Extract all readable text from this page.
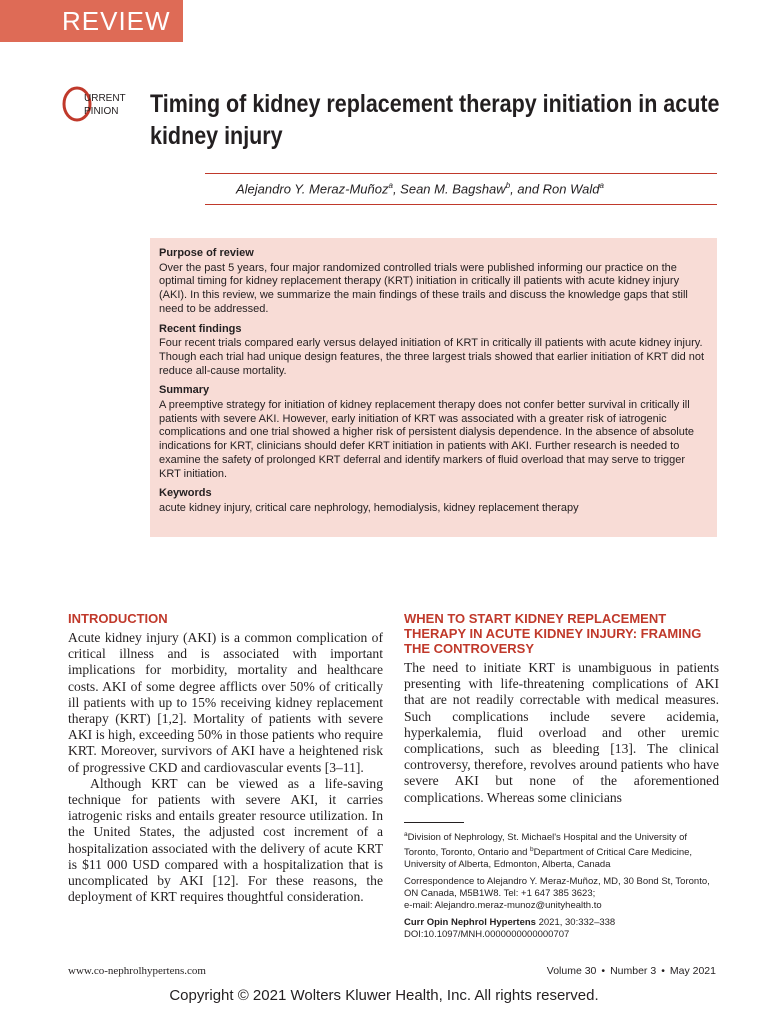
REVIEW
URRENT
PINION Timing of kidney replacement therapy initiation in acute kidney injury
Alejandro Y. Meraz-Muñoz$^a$, Sean M. Bagshaw$^b$, and Ron Wald$^a$
Purpose of review

Over the past 5 years, four major randomized controlled trials were published informing our practice on the optimal timing for kidney replacement therapy (KRT) initiation in critically ill patients with acute kidney injury (AKI). In this review, we summarize the main findings of these trails and discuss the knowledge gaps that still need to be addressed.

Recent findings

Four recent trials compared early versus delayed initiation of KRT in critically ill patients with acute kidney injury. Though each trial had unique design features, the three largest trials showed that earlier initiation of KRT did not reduce all-cause mortality.

Summary

A preemptive strategy for initiation of kidney replacement therapy does not confer better survival in critically ill patients with severe AKI. However, early initiation of KRT was associated with a greater risk of iatrogenic complications and one trial showed a higher risk of persistent dialysis dependence. In the absence of absolute indications for KRT, clinicians should defer KRT initiation in patients with AKI. Further research is needed to examine the safety of prolonged KRT deferral and identify markers of fluid overload that may serve to trigger KRT initiation.

Keywords

acute kidney injury, critical care nephrology, hemodialysis, kidney replacement therapy

INTRODUCTION

Acute kidney injury (AKI) is a common complication of critical illness and is associated with important implications for morbidity, mortality and healthcare costs. AKI of some degree afflicts over 50% of critically ill patients with up to 15% receiving kidney replacement therapy (KRT) [1,2]. Mortality of patients with severe AKI is high, exceeding 50% in those patients who require KRT. Moreover, survivors of AKI have a heightened risk of progressive CKD and cardiovascular events [3–11].

Although KRT can be viewed as a life-saving technique for patients with severe AKI, it carries iatrogenic risks and entails greater resource utilization. In the United States, the adjusted cost increment of a hospitalization associated with the delivery of acute KRT is $11 000 USD compared with a hospitalization that is uncomplicated by AKI [12]. For these reasons, the deployment of KRT requires thoughtful consideration.

WHEN TO START KIDNEY REPLACEMENT THERAPY IN ACUTE KIDNEY INJURY: FRAMING THE CONTROVERSY

The need to initiate KRT is unambiguous in patients presenting with life-threatening complications of AKI that are not readily correctable with medical measures. Such complications include severe acidemia, hyperkalemia, fluid overload and other uremic complications, such as bleeding [13]. The clinical controversy, therefore, revolves around patients who have severe AKI but none of the aforementioned complications. Whereas some clinicians

$^a$Division of Nephrology, St. Michael's Hospital and the University of Toronto, Toronto, Ontario and $^b$Department of Critical Care Medicine, University of Alberta, Edmonton, Alberta, Canada

Correspondence to Alejandro Y. Meraz-Muñoz, MD, 30 Bond St, Toronto, ON Canada, M5B1W8. Tel: +1 647 385 3623;
e-mail: Alejandro.meraz-munoz@unityhealth.to

Curr Opin Nephrol Hypertens 2021, 30:332–338
DOI:10.1097/MNH.0000000000000707

www.co-nephrolhypertens.com	Volume 30 • Number 3 • May 2021
Copyright © 2021 Wolters Kluwer Health, Inc. All rights reserved.
